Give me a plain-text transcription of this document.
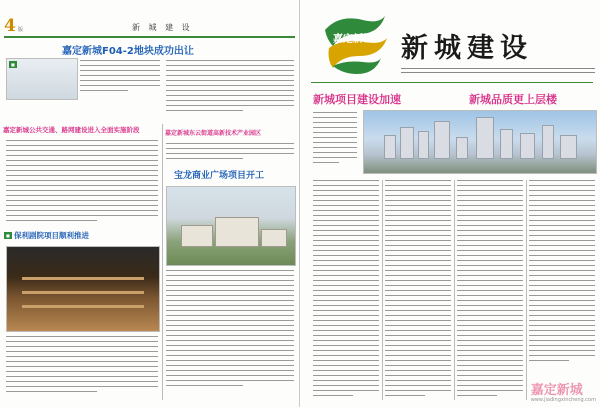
4 版	新 城 建 设
嘉定新城F04-2地块成功出让
■
嘉定新城公共交通、路网建设进入全面实施阶段	嘉定新城东云街道高新技术产业园区
宝龙商业广场项目开工
保利剧院项目顺利推进
■
嘉定新城 新城建设
新城项目建设加速	新城品质更上层楼
嘉定新城
www.jiadingxincheng.com
